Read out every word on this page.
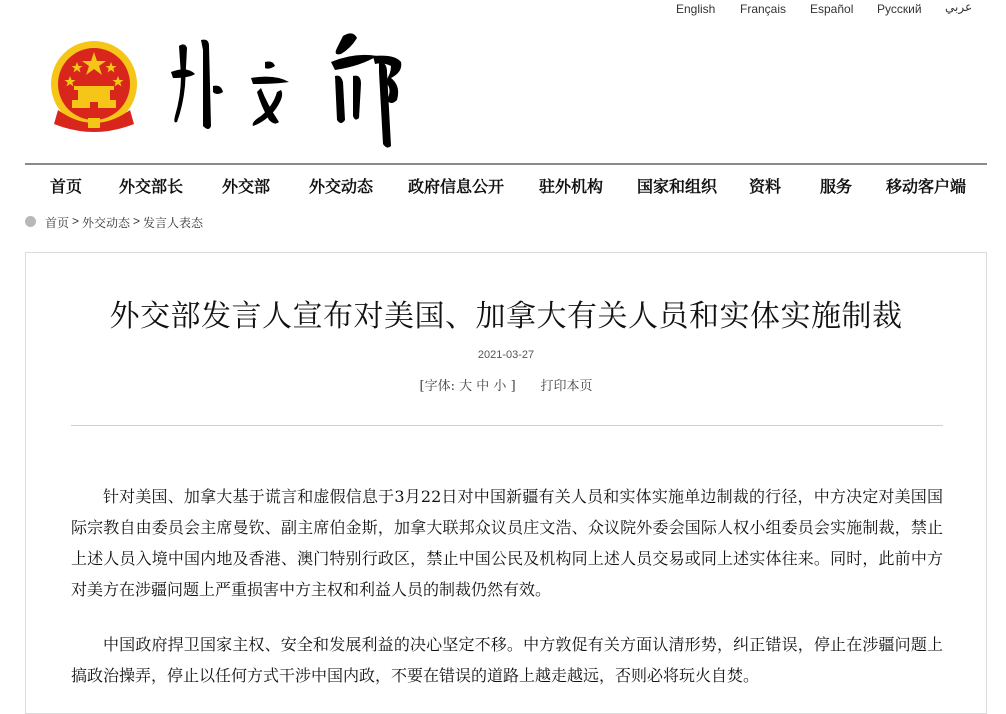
English Français Español Русский عربي
首页 外交部长 外交部 外交动态 政府信息公开 驻外机构 国家和组织 资料 服务 移动客户端
首页 > 外交动态 > 发言人表态
外交部发言人宣布对美国、加拿大有关人员和实体实施制裁
2021-03-27
[字体: 大 中 小 ] 打印本页

针对美国、加拿大基于谎言和虚假信息于3月22日对中国新疆有关人员和实体实施单边制裁的行径，中方决定对美国国际宗教自由委员会主席曼钦、副主席伯金斯，加拿大联邦众议员庄文浩、众议院外委会国际人权小组委员会实施制裁，禁止上述人员入境中国内地及香港、澳门特别行政区，禁止中国公民及机构同上述人员交易或同上述实体往来。同时，此前中方对美方在涉疆问题上严重损害中方主权和利益人员的制裁仍然有效。

中国政府捍卫国家主权、安全和发展利益的决心坚定不移。中方敦促有关方面认清形势，纠正错误，停止在涉疆问题上搞政治操弄，停止以任何方式干涉中国内政，不要在错误的道路上越走越远，否则必将玩火自焚。
